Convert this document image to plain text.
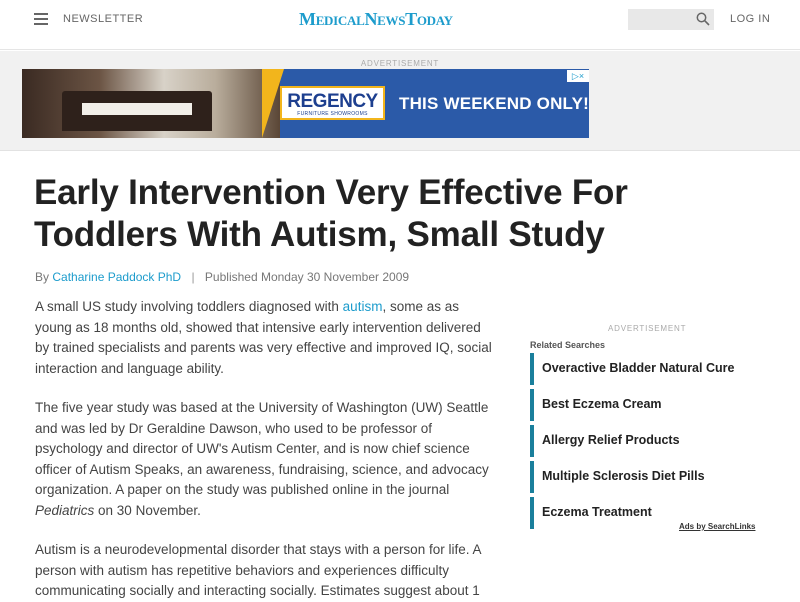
NEWSLETTER	MedicalNewsToday	LOG IN
ADVERTISEMENT
REGENCY
FURNITURE SHOWROOMS
THIS WEEKEND ONLY!
▷×
Early Intervention Very Effective For Toddlers With Autism, Small Study
By Catharine Paddock PhD | Published Monday 30 November 2009

A small US study involving toddlers diagnosed with autism, some as as young as 18 months old, showed that intensive early intervention delivered by trained specialists and parents was very effective and improved IQ, social interaction and language ability.

The five year study was based at the University of Washington (UW) Seattle and was led by Dr Geraldine Dawson, who used to be professor of psychology and director of UW's Autism Center, and is now chief science officer of Autism Speaks, an awareness, fundraising, science, and advocacy organization. A paper on the study was published online in the journal Pediatrics on 30 November.

Autism is a neurodevelopmental disorder that stays with a person for life. A person with autism has repetitive behaviors and experiences difficulty communicating socially and interacting socially. Estimates suggest about 1

ADVERTISEMENT
Related Searches
Overactive Bladder Natural Cure
Best Eczema Cream
Allergy Relief Products
Multiple Sclerosis Diet Pills
Eczema Treatment
Ads by SearchLinks
